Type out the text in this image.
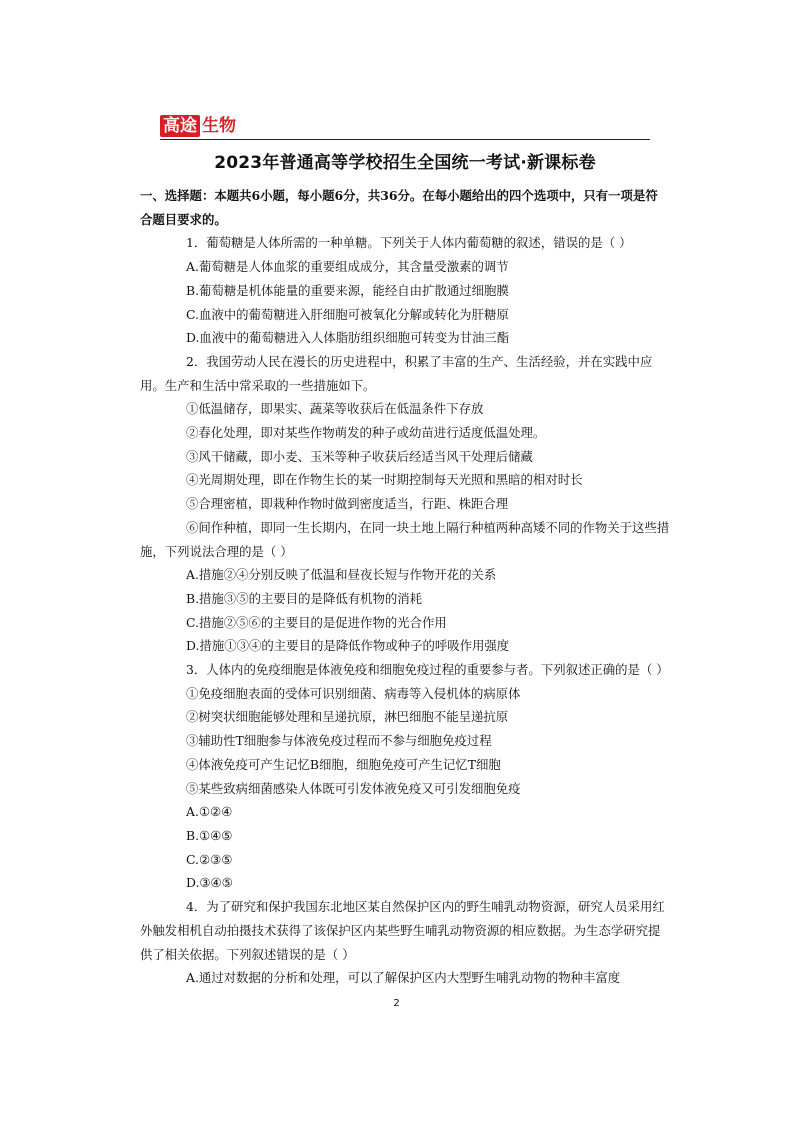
高途 生物
2023年普通高等学校招生全国统一考试·新课标卷
一、选择题：本题共6小题，每小题6分，共36分。在每小题给出的四个选项中，只有一项是符合题目要求的。
1．葡萄糖是人体所需的一种单糖。下列关于人体内葡萄糖的叙述，错误的是（ ）
A.葡萄糖是人体血浆的重要组成成分，其含量受激素的调节
B.葡萄糖是机体能量的重要来源，能经自由扩散通过细胞膜
C.血液中的葡萄糖进入肝细胞可被氧化分解或转化为肝糖原
D.血液中的葡萄糖进入人体脂肪组织细胞可转变为甘油三酯
2．我国劳动人民在漫长的历史进程中，积累了丰富的生产、生活经验，并在实践中应用。生产和生活中常采取的一些措施如下。
①低温储存，即果实、蔬菜等收获后在低温条件下存放
②春化处理，即对某些作物萌发的种子或幼苗进行适度低温处理。
③风干储藏，即小麦、玉米等种子收获后经适当风干处理后储藏
④光周期处理，即在作物生长的某一时期控制每天光照和黑暗的相对时长
⑤合理密植，即栽种作物时做到密度适当，行距、株距合理
⑥间作种植，即同一生长期内，在同一块土地上隔行种植两种高矮不同的作物关于这些措施，下列说法合理的是（ ）
A.措施②④分别反映了低温和昼夜长短与作物开花的关系
B.措施③⑤的主要目的是降低有机物的消耗
C.措施②⑤⑥的主要目的是促进作物的光合作用
D.措施①③④的主要目的是降低作物或种子的呼吸作用强度
3．人体内的免疫细胞是体液免疫和细胞免疫过程的重要参与者。下列叙述正确的是（ ）
①免疫细胞表面的受体可识别细菌、病毒等入侵机体的病原体
②树突状细胞能够处理和呈递抗原，淋巴细胞不能呈递抗原
③辅助性T细胞参与体液免疫过程而不参与细胞免疫过程
④体液免疫可产生记忆B细胞，细胞免疫可产生记忆T细胞
⑤某些致病细菌感染人体既可引发体液免疫又可引发细胞免疫
A.①②④
B.①④⑤
C.②③⑤
D.③④⑤
4．为了研究和保护我国东北地区某自然保护区内的野生哺乳动物资源，研究人员采用红外触发相机自动拍摄技术获得了该保护区内某些野生哺乳动物资源的相应数据。为生态学研究提供了相关依据。下列叙述错误的是（ ）
A.通过对数据的分析和处理，可以了解保护区内大型野生哺乳动物的物种丰富度
2
